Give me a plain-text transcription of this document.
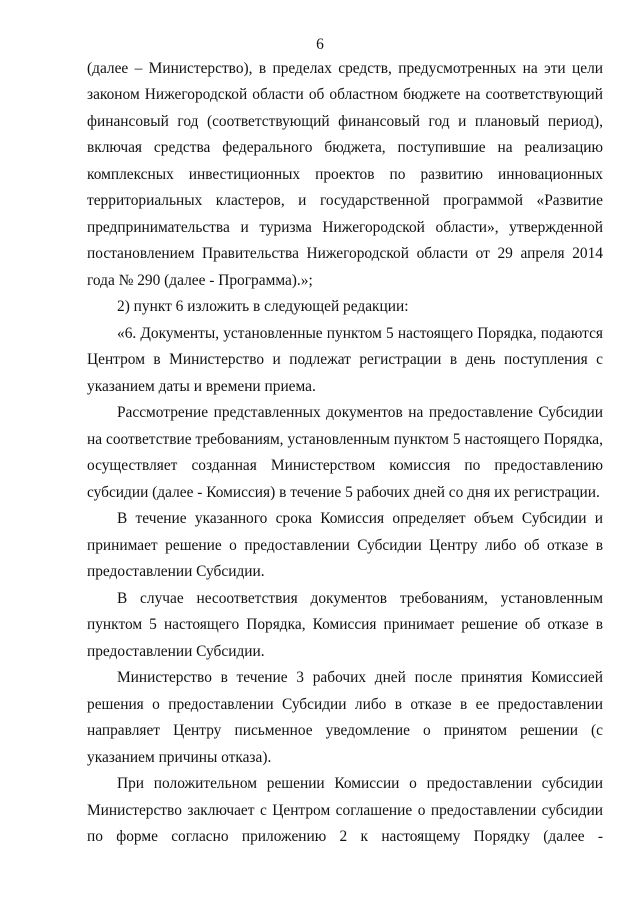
6
(далее – Министерство), в пределах средств, предусмотренных на эти цели
законом Нижегородской области об областном бюджете на соответствующий
финансовый год (соответствующий финансовый год и плановый период),
включая средства федерального бюджета, поступившие на реализацию
комплексных инвестиционных проектов по развитию инновационных
территориальных кластеров, и государственной программой «Развитие
предпринимательства и туризма Нижегородской области», утвержденной
постановлением Правительства Нижегородской области от 29 апреля 2014
года № 290 (далее - Программа).»;
2) пункт 6 изложить в следующей редакции:
«6. Документы, установленные пунктом 5 настоящего Порядка, подаются
Центром в Министерство и подлежат регистрации в день поступления с
указанием даты и времени приема.
Рассмотрение представленных документов на предоставление Субсидии
на соответствие требованиям, установленным пунктом 5 настоящего Порядка,
осуществляет созданная Министерством комиссия по предоставлению
субсидии (далее - Комиссия) в течение 5 рабочих дней со дня их регистрации.
В течение указанного срока Комиссия определяет объем Субсидии и
принимает решение о предоставлении Субсидии Центру либо об отказе в
предоставлении Субсидии.
В случае несоответствия документов требованиям, установленным
пунктом 5 настоящего Порядка, Комиссия принимает решение об отказе в
предоставлении Субсидии.
Министерство в течение 3 рабочих дней после принятия Комиссией
решения о предоставлении Субсидии либо в отказе в ее предоставлении
направляет Центру письменное уведомление о принятом решении (с
указанием причины отказа).
При положительном решении Комиссии о предоставлении субсидии
Министерство заключает с Центром соглашение о предоставлении субсидии
по форме согласно приложению 2 к настоящему Порядку (далее -
